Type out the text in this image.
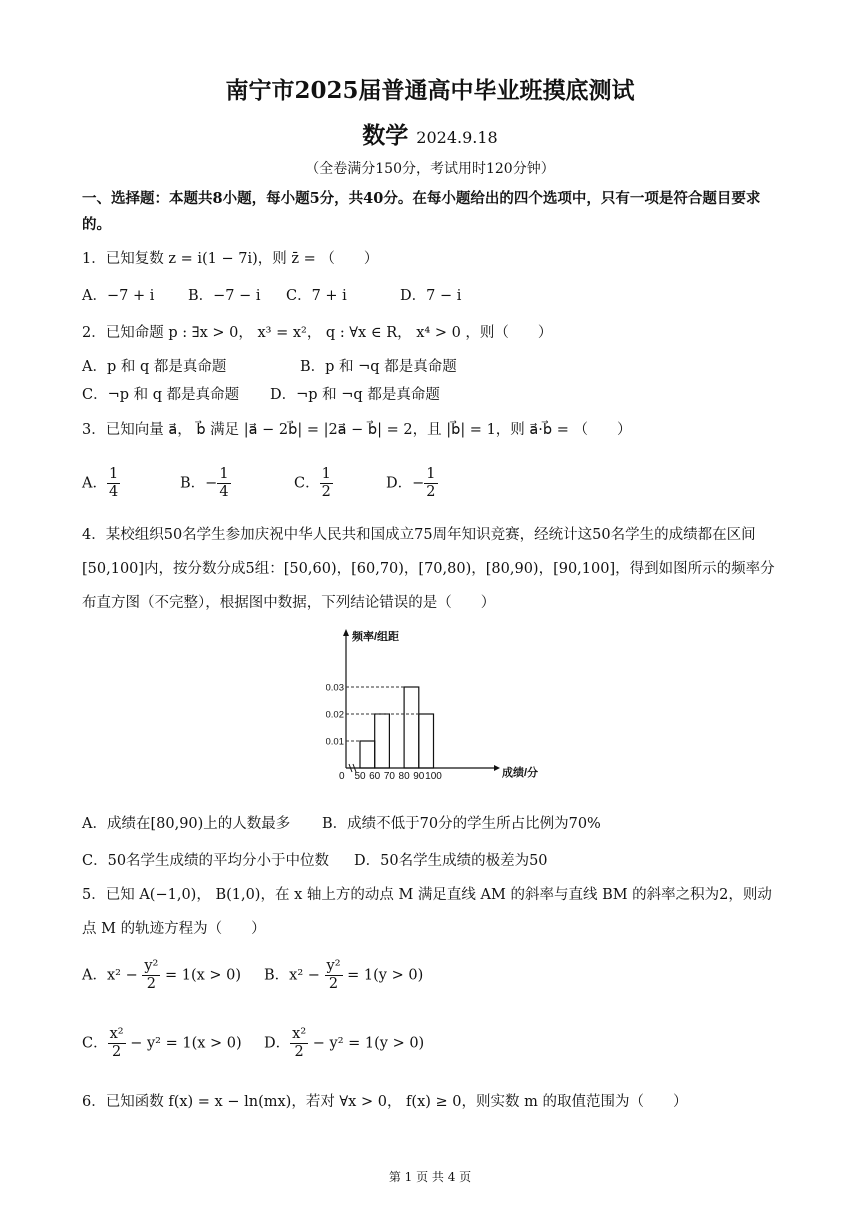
南宁市2025届普通高中毕业班摸底测试
数学 2024.9.18
（全卷满分150分，考试用时120分钟）
一、选择题：本题共8小题，每小题5分，共40分。在每小题给出的四个选项中，只有一项是符合题目要求的。
1．已知复数 z = i(1 − 7i)，则 z̄ = （　　）
A．−7 + i B．−7 − i C．7 + i	D．7 − i
2．已知命题 p : ∃x > 0， x³ = x²， q : ∀x ∈ R， x⁴ > 0 ，则（　　）
A．p 和 q 都是真命题	B．p 和 ¬q 都是真命题
C．¬p 和 q 都是真命题 D．¬p 和 ¬q 都是真命题
3．已知向量 a⃗， b⃗ 满足 |a⃗ − 2b⃗| = |2a⃗ − b⃗| = 2，且 |b⃗| = 1，则 a⃗·b⃗ = （　　）
A． $\frac{1}{4}$	B．− $\frac{1}{4}$	C． $\frac{1}{2}$	D．− $\frac{1}{2}$
4．某校组织50名学生参加庆祝中华人民共和国成立75周年知识竞赛，经统计这50名学生的成绩都在区间[50,100]内，按分数分成5组：[50,60)，[60,70)，[70,80)，[80,90)，[90,100]，得到如图所示的频率分布直方图（不完整），根据图中数据，下列结论错误的是（　　）
频率/组距
成绩/分
0
0.01
0.02
0.03
50 60 70 80 90 100
A．成绩在[80,90)上的人数最多 B．成绩不低于70分的学生所占比例为70%
C．50名学生成绩的平均分小于中位数 D．50名学生成绩的极差为50
5．已知 A(−1,0)， B(1,0)，在 x 轴上方的动点 M 满足直线 AM 的斜率与直线 BM 的斜率之积为2，则动点 M 的轨迹方程为（　　）
A．$x^2 - \frac{\text{y²}}{2} = 1(x > 0)$ B．$x^2 - \frac{\text{y²}}{2} = 1(y > 0)$
C． $\frac{\text{x²}}{2} - y^2 = 1(x > 0)$ D． $\frac{\text{x²}}{2} - y^2 = 1(y > 0)$
6．已知函数 f(x) = x − ln(mx)，若对 ∀x > 0， f(x) ≥ 0，则实数 m 的取值范围为（　　）
第 1 页 共 4 页
